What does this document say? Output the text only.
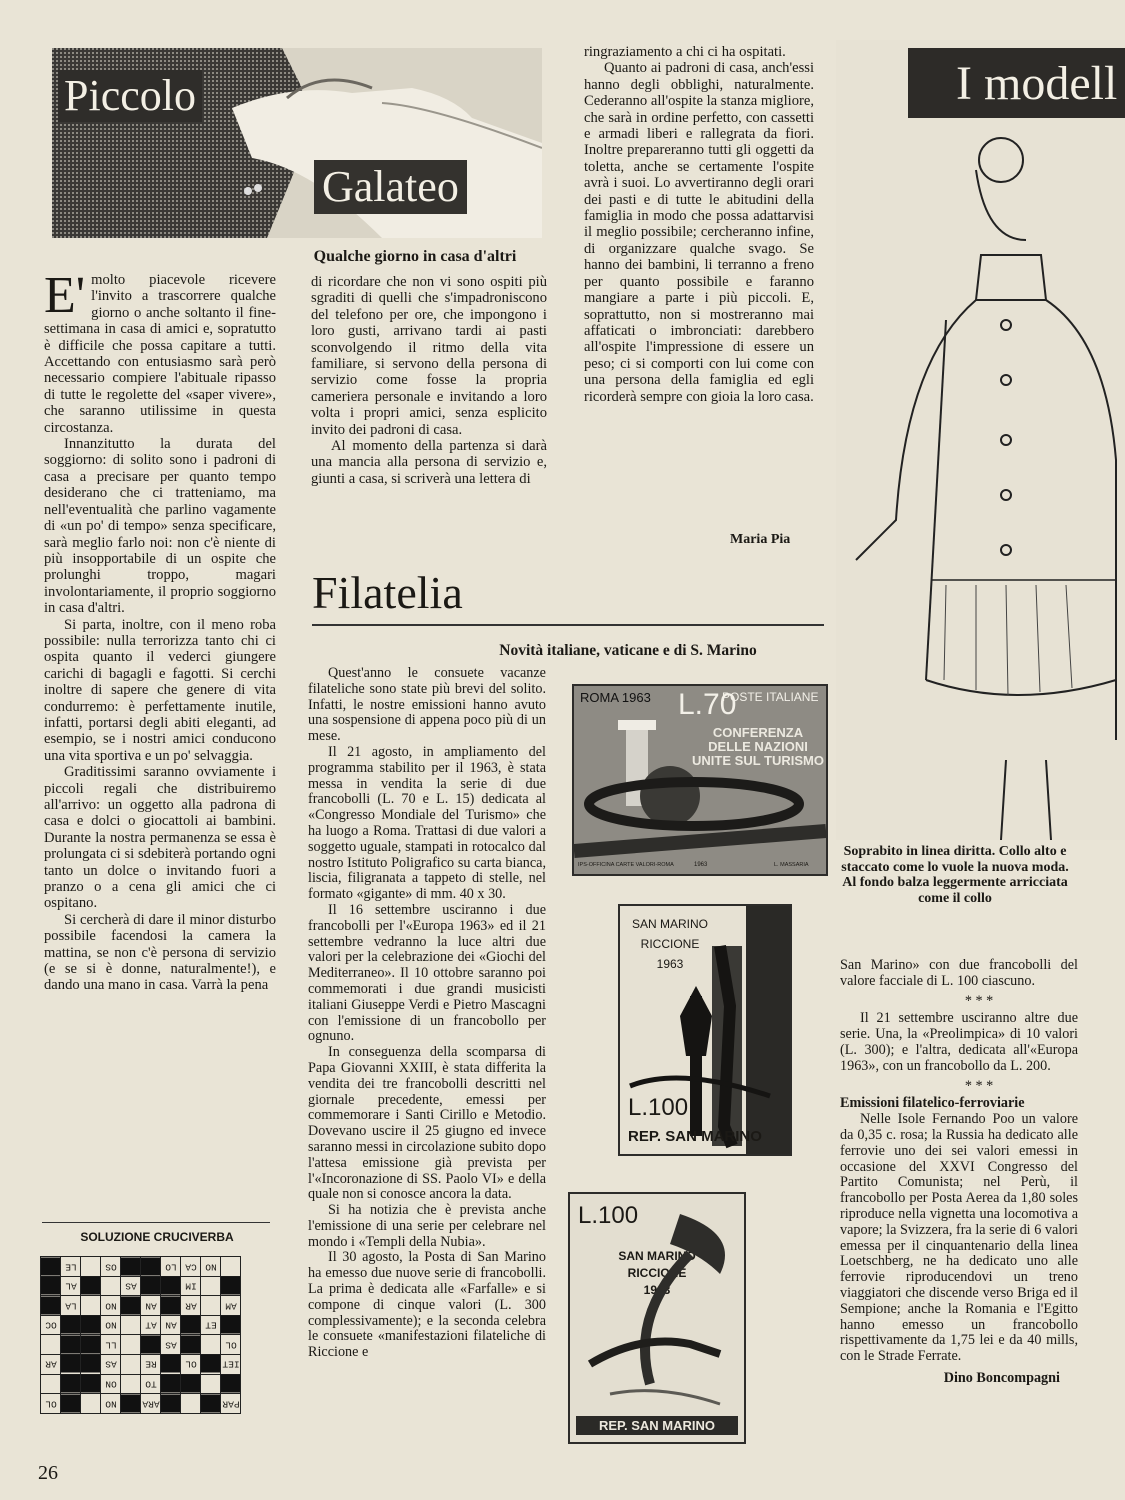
Piccolo
Galateo
Qualche giorno in casa d'altri

E' molto piacevole ricevere l'invito a trascorrere qualche giorno o anche soltanto il fine-settimana in casa di amici e, sopratutto è difficile che possa capitare a tutti. Accettando con entusiasmo sarà però necessario compiere l'abituale ripasso di tutte le regolette del «saper vivere», che saranno utilissime in questa circostanza.

Innanzitutto la durata del soggiorno: di solito sono i padroni di casa a precisare per quanto tempo desiderano che ci tratteniamo, ma nell'eventualità che parlino vagamente di «un po' di tempo» senza specificare, sarà meglio farlo noi: non c'è niente di più insopportabile di un ospite che prolunghi troppo, magari involontariamente, il proprio soggiorno in casa d'altri.

Si parta, inoltre, con il meno roba possibile: nulla terrorizza tanto chi ci ospita quanto il vederci giungere carichi di bagagli e fagotti. Si cerchi inoltre di sapere che genere di vita condurremo: è perfettamente inutile, infatti, portarsi degli abiti eleganti, ad esempio, se i nostri amici conducono una vita sportiva e un po' selvaggia.

Graditissimi saranno ovviamente i piccoli regali che distribuiremo all'arrivo: un oggetto alla padrona di casa e dolci o giocattoli ai bambini. Durante la nostra permanenza se essa è prolungata ci si sdebiterà portando ogni tanto un dolce o invitando fuori a pranzo o a cena gli amici che ci ospitano.

Si cercherà di dare il minor disturbo possibile facendosi la camera la mattina, se non c'è persona di servizio (e se si è donne, naturalmente!), e dando una mano in casa. Varrà la pena

di ricordare che non vi sono ospiti più sgraditi di quelli che s'impadroniscono del telefono per ore, che impongono i loro gusti, arrivano tardi ai pasti sconvolgendo il ritmo della vita familiare, si servono della persona di servizio come fosse la propria cameriera personale e invitando a loro volta i propri amici, senza esplicito invito dei padroni di casa.

Al momento della partenza si darà una mancia alla persona di servizio e, giunti a casa, si scriverà una lettera di

ringraziamento a chi ci ha ospitati.

Quanto ai padroni di casa, anch'essi hanno degli obblighi, naturalmente. Cederanno all'ospite la stanza migliore, che sarà in ordine perfetto, con cassetti e armadi liberi e rallegrata da fiori. Inoltre prepareranno tutti gli oggetti da toletta, anche se certamente l'ospite avrà i suoi. Lo avvertiranno degli orari dei pasti e di tutte le abitudini della famiglia in modo che possa adattarvisi il meglio possibile; cercheranno infine, di organizzare qualche svago. Se hanno dei bambini, li terranno a freno per quanto possibile e faranno mangiare a parte i più piccoli. E, soprattutto, non si mostreranno mai affaticati o imbronciati: darebbero all'ospite l'impressione di essere un peso; ci si comporti con lui come con una persona della famiglia ed egli ricorderà sempre con gioia la loro casa.

Maria Pia
SOLUZIONE CRUCIVERBA
	LE		OS			LO	CA	NO	
	AL			AS			IM		
	LA		NO		AN		AR		AM
OC			NO		AT	AN		ET	
			LL			AS			OL
AR			AS		RE		OL		IET
			ON		TO				
OL			NO		ARA				PAR
Filatelia
Novità italiane, vaticane e di S. Marino

Quest'anno le consuete vacanze filateliche sono state più brevi del solito. Infatti, le nostre emissioni hanno avuto una sospensione di appena poco più di un mese.

Il 21 agosto, in ampliamento del programma stabilito per il 1963, è stata messa in vendita la serie di due francobolli (L. 70 e L. 15) dedicata al «Congresso Mondiale del Turismo» che ha luogo a Roma. Trattasi di due valori a soggetto uguale, stampati in rotocalco dal nostro Istituto Poligrafico su carta bianca, liscia, filigranata a tappeto di stelle, nel formato «gigante» di mm. 40 x 30.

Il 16 settembre usciranno i due francobolli per l'«Europa 1963» ed il 21 settembre vedranno la luce altri due valori per la celebrazione dei «Giochi del Mediterraneo». Il 10 ottobre saranno poi commemorati i due grandi musicisti italiani Giuseppe Verdi e Pietro Mascagni con l'emissione di un francobollo per ognuno.

In conseguenza della scomparsa di Papa Giovanni XXIII, è stata differita la vendita dei tre francobolli descritti nel giornale precedente, emessi per commemorare i Santi Cirillo e Metodio. Dovevano uscire il 25 giugno ed invece saranno messi in circolazione subito dopo l'attesa emissione già prevista per l'«Incoronazione di SS. Paolo VI» e della quale non si conosce ancora la data.

Si ha notizia che è prevista anche l'emissione di una serie per celebrare nel mondo i «Templi della Nubia».

Il 30 agosto, la Posta di San Marino ha emesso due nuove serie di francobolli. La prima è dedicata alle «Farfalle» e si compone di cinque valori (L. 300 complessivamente); e la seconda celebra le consuete «manifestazioni filateliche di Riccione e

ROMA 1963 L.70
POSTE ITALIANE
CONFERENZA DELLE NAZIONI UNITE SUL TURISMO
IPS-OFFICINA CARTE VALORI-ROMA	1963	L. MASSARIA
SAN MARINO
RICCIONE
1963
L.100
REP. SAN MARINO
L.100
SAN MARINO
RICCIONE
1963
REP. SAN MARINO

San Marino» con due francobolli del valore facciale di L. 100 ciascuno.

* * *

Il 21 settembre usciranno altre due serie. Una, la «Preolimpica» di 10 valori (L. 300); e l'altra, dedicata all'«Europa 1963», con un francobollo da L. 200.

* * *

Emissioni filatelico-ferroviarie

Nelle Isole Fernando Poo un valore da 0,35 c. rosa; la Russia ha dedicato alle ferrovie uno dei sei valori emessi in occasione del XXVI Congresso del Partito Comunista; nel Perù, il francobollo per Posta Aerea da 1,80 soles riproduce nella vignetta una locomotiva a vapore; la Svizzera, fra la serie di 6 valori emessa per il cinquantenario della linea Loetschberg, ne ha dedicato uno alle ferrovie riproducendovi un treno viaggiatori che discende verso Briga ed il Sempione; anche la Romania e l'Egitto hanno emesso un francobollo rispettivamente da 1,75 lei e da 40 mills, con le Strade Ferrate.

Dino Boncompagni

I modell
Soprabito in linea diritta. Collo alto e staccato come lo vuole la nuova moda. Al fondo balza leggermente arricciata come il collo
26
